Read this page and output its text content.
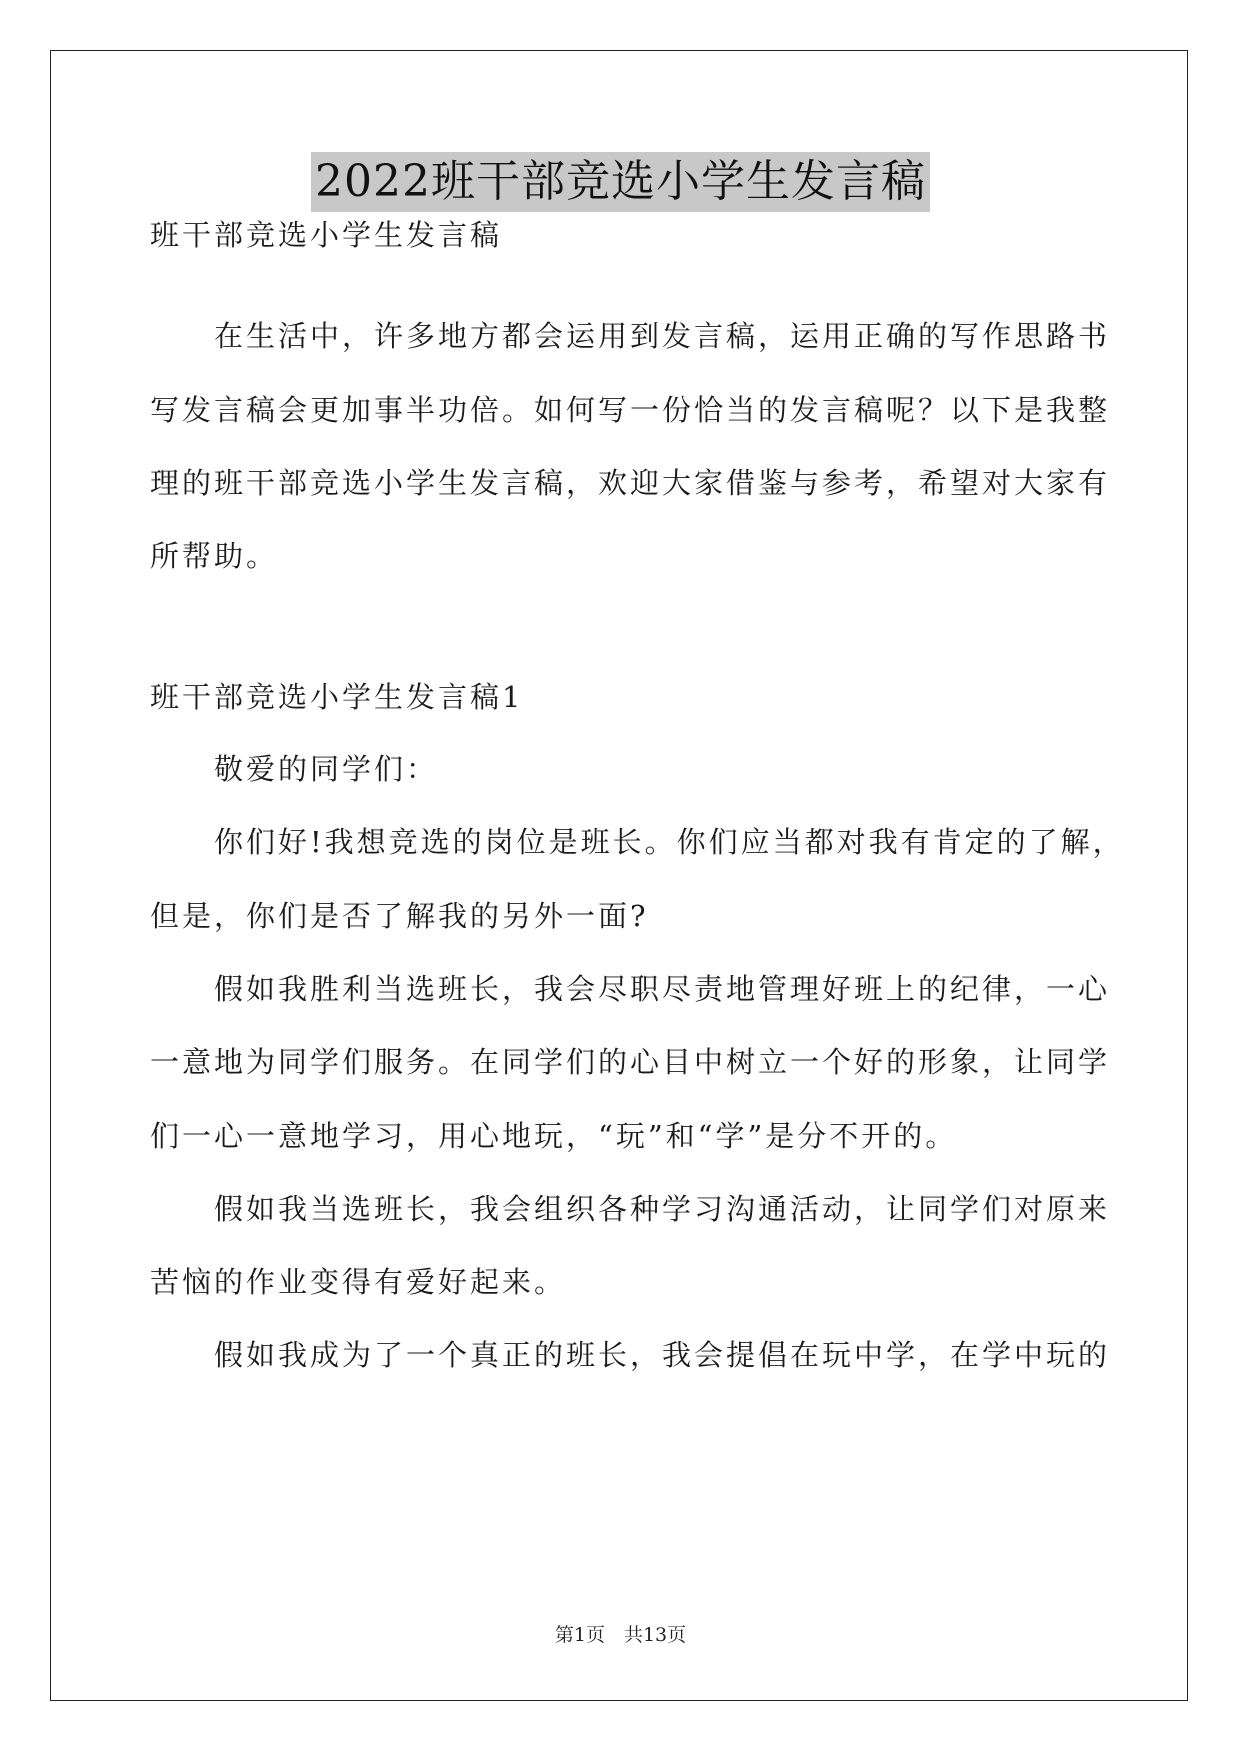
2022班干部竞选小学生发言稿
班干部竞选小学生发言稿
在生活中，许多地方都会运用到发言稿，运用正确的写作思路书
写发言稿会更加事半功倍。如何写一份恰当的发言稿呢？以下是我整
理的班干部竞选小学生发言稿，欢迎大家借鉴与参考，希望对大家有
所帮助。
班干部竞选小学生发言稿1
敬爱的同学们：
你们好!我想竞选的岗位是班长。你们应当都对我有肯定的了解，
但是，你们是否了解我的另外一面?
假如我胜利当选班长，我会尽职尽责地管理好班上的纪律，一心
一意地为同学们服务。在同学们的心目中树立一个好的形象，让同学
们一心一意地学习，用心地玩，“玩”和“学”是分不开的。
假如我当选班长，我会组织各种学习沟通活动，让同学们对原来
苦恼的作业变得有爱好起来。
假如我成为了一个真正的班长，我会提倡在玩中学，在学中玩的
第1页　共13页
